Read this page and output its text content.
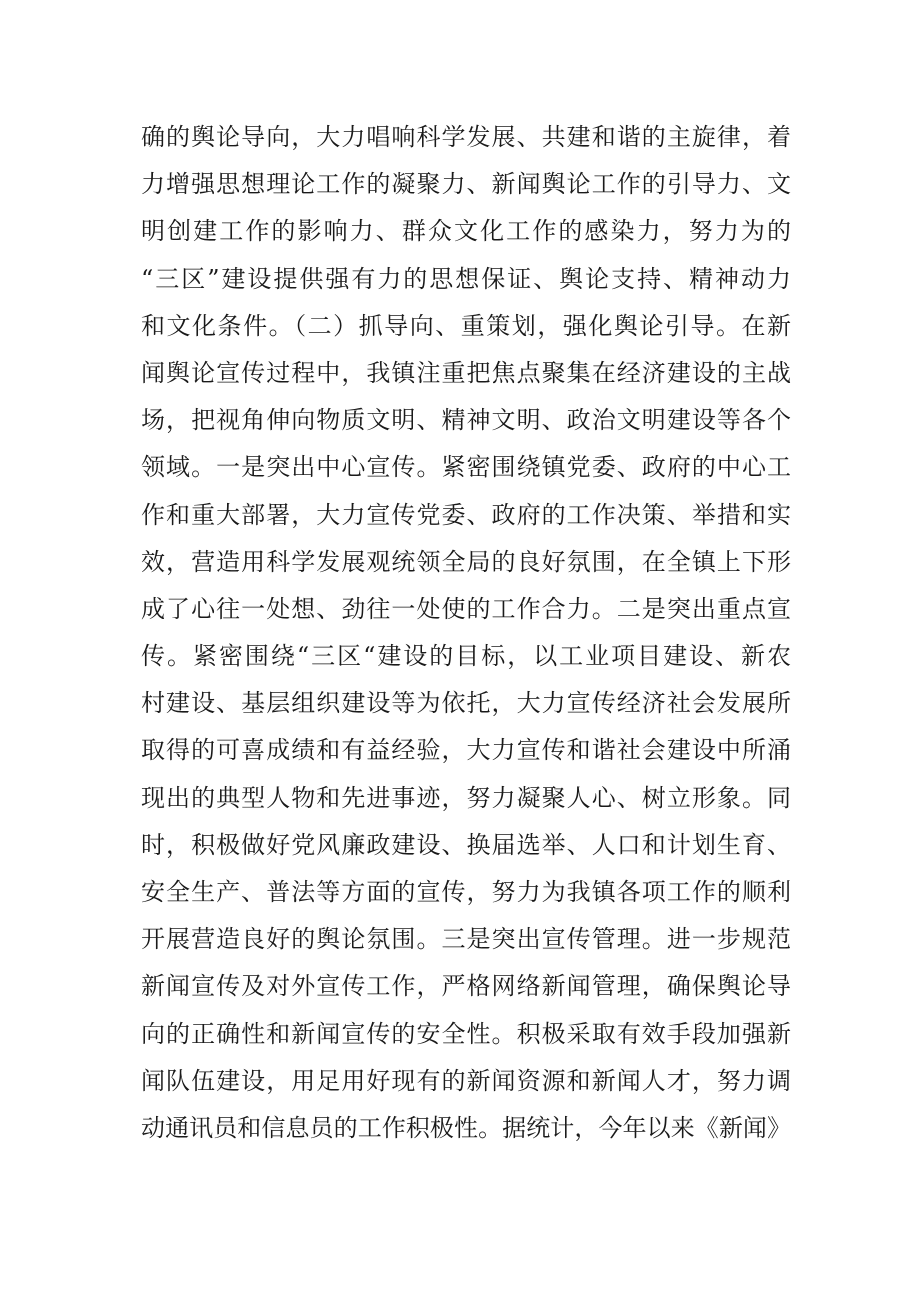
确的舆论导向，大力唱响科学发展、共建和谐的主旋律，着
力增强思想理论工作的凝聚力、新闻舆论工作的引导力、文
明创建工作的影响力、群众文化工作的感染力，努力为的
“三区”建设提供强有力的思想保证、舆论支持、精神动力
和文化条件。（二）抓导向、重策划，强化舆论引导。在新
闻舆论宣传过程中，我镇注重把焦点聚集在经济建设的主战
场，把视角伸向物质文明、精神文明、政治文明建设等各个
领域。一是突出中心宣传。紧密围绕镇党委、政府的中心工
作和重大部署，大力宣传党委、政府的工作决策、举措和实
效，营造用科学发展观统领全局的良好氛围，在全镇上下形
成了心往一处想、劲往一处使的工作合力。二是突出重点宣
传。紧密围绕“三区“建设的目标，以工业项目建设、新农
村建设、基层组织建设等为依托，大力宣传经济社会发展所
取得的可喜成绩和有益经验，大力宣传和谐社会建设中所涌
现出的典型人物和先进事迹，努力凝聚人心、树立形象。同
时，积极做好党风廉政建设、换届选举、人口和计划生育、
安全生产、普法等方面的宣传，努力为我镇各项工作的顺利
开展营造良好的舆论氛围。三是突出宣传管理。进一步规范
新闻宣传及对外宣传工作，严格网络新闻管理，确保舆论导
向的正确性和新闻宣传的安全性。积极采取有效手段加强新
闻队伍建设，用足用好现有的新闻资源和新闻人才，努力调
动通讯员和信息员的工作积极性。据统计，今年以来《新闻》
